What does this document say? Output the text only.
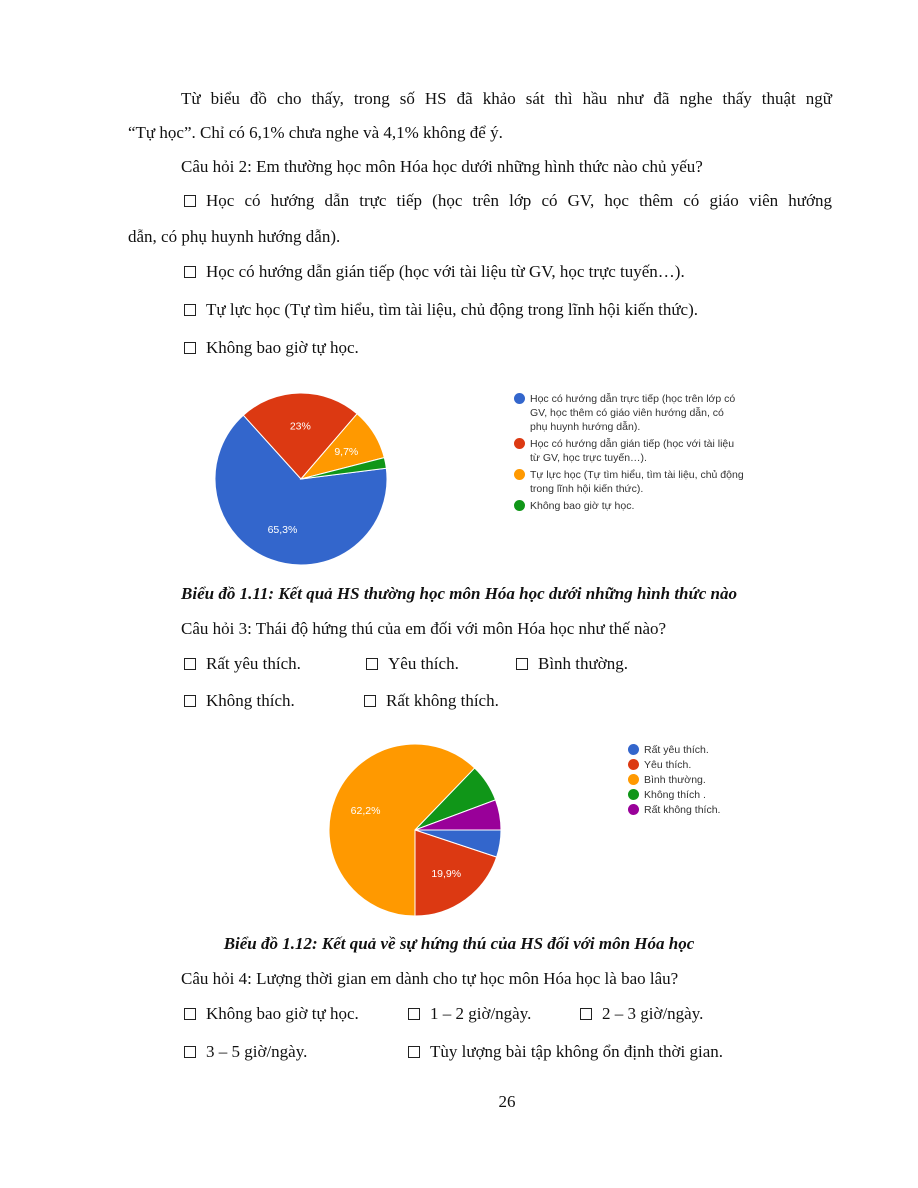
Từ biểu đồ cho thấy, trong số HS đã khảo sát thì hầu như đã nghe thấy thuật ngữ
“Tự học”. Chỉ có 6,1% chưa nghe và 4,1% không để ý.
Câu hỏi 2: Em thường học môn Hóa học dưới những hình thức nào chủ yếu?
Học có hướng dẫn trực tiếp (học trên lớp có GV, học thêm có giáo viên hướng
dẫn, có phụ huynh hướng dẫn).
Học có hướng dẫn gián tiếp (học với tài liệu từ GV, học trực tuyến…).
Tự lực học (Tự tìm hiểu, tìm tài liệu, chủ động trong lĩnh hội kiến thức).
Không bao giờ tự học.
65,3%
23%
9,7%
Học có hướng dẫn trực tiếp (học trên lớp có GV, học thêm có giáo viên hướng dẫn, có phụ huynh hướng dẫn).
Học có hướng dẫn gián tiếp (học với tài liệu từ GV, học trực tuyến…).
Tự lực học (Tự tìm hiểu, tìm tài liệu, chủ động trong lĩnh hội kiến thức).
Không bao giờ tự học.
Biểu đồ 1.11: Kết quả HS thường học môn Hóa học dưới những hình thức nào
Câu hỏi 3: Thái độ hứng thú của em đối với môn Hóa học như thế nào?
Rất yêu thích.	Yêu thích.	Bình thường.
Không thích.	Rất không thích.
19,9%
62,2%
Rất yêu thích.
Yêu thích.
Bình thường.
Không thích .
Rất không thích.
Biểu đồ 1.12: Kết quả về sự hứng thú của HS đối với môn Hóa học
Câu hỏi 4: Lượng thời gian em dành cho tự học môn Hóa học là bao lâu?
Không bao giờ tự học.	1 – 2 giờ/ngày.	2 – 3 giờ/ngày.
3 – 5 giờ/ngày.	Tùy lượng bài tập không ổn định thời gian.
26
